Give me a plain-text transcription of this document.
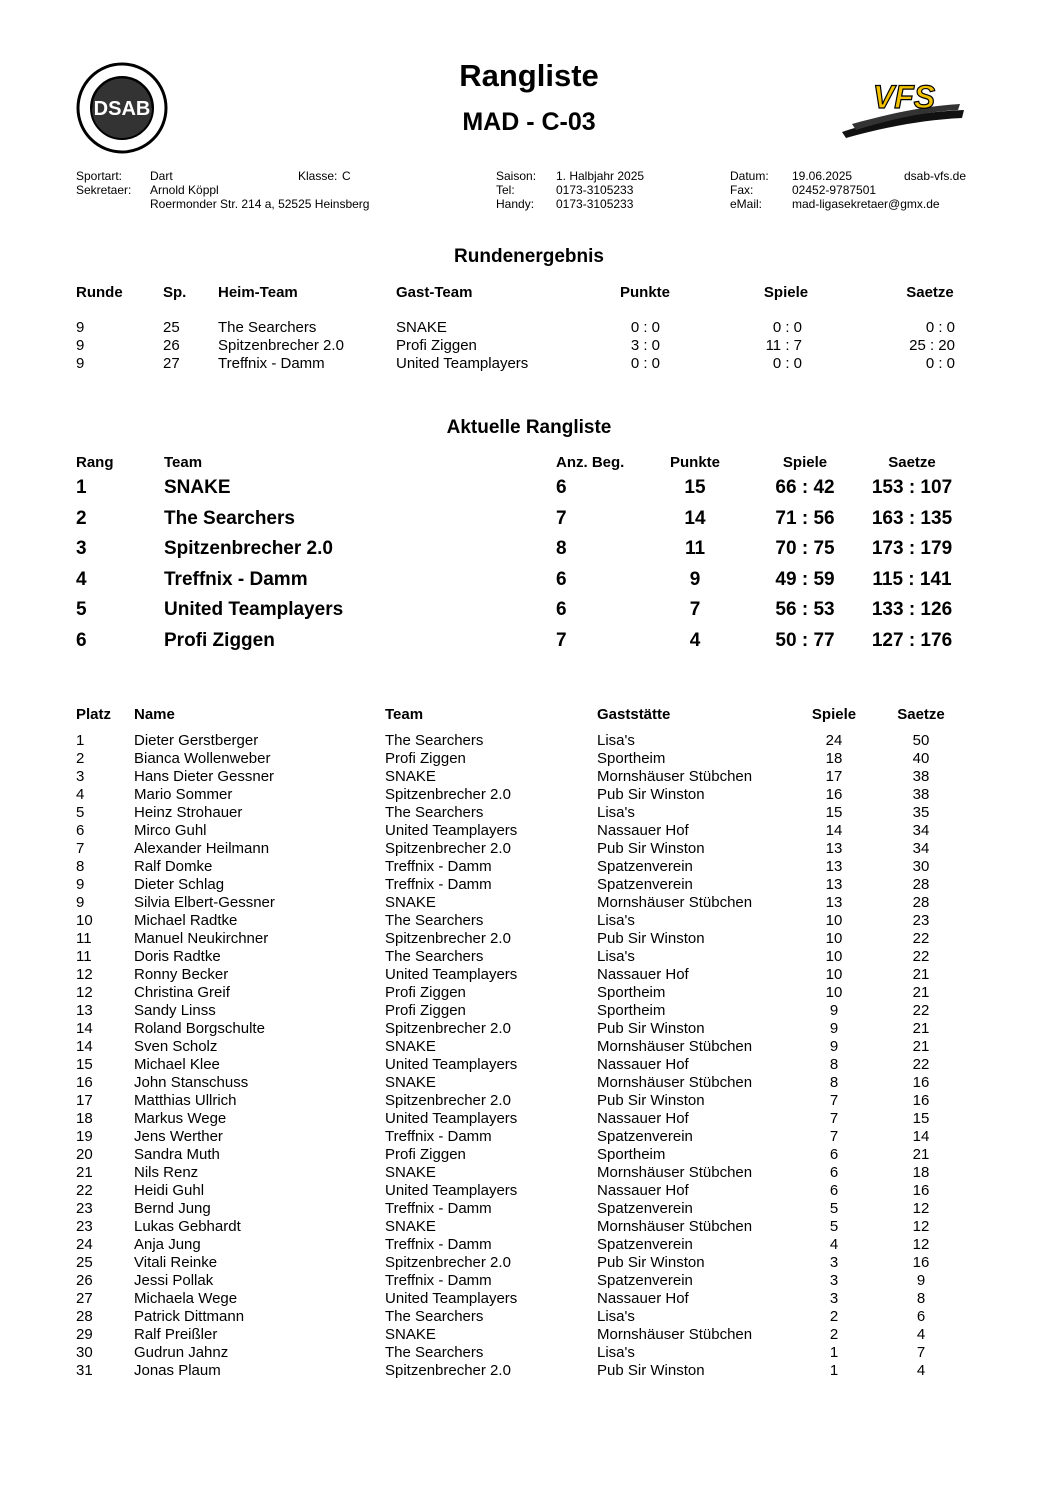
DSAB	VFS
Rangliste
MAD - C-03
Sportart: Dart	Klasse: C
Sekretaer: Arnold Köppl
Roermonder Str. 214 a, 52525 Heinsberg
Saison: 1. Halbjahr 2025
Tel:	0173-3105233
Handy: 0173-3105233
Datum: 19.06.2025	dsab-vfs.de
Fax:	02452-9787501
eMail: mad-ligasekretaer@gmx.de
Rundenergebnis
Runde	Sp. Heim-Team	Gast-Team	Punkte	Spiele	Saetze
9	25	The Searchers	SNAKE	0 : 0	0 : 0	0 : 0
9	26	Spitzenbrecher 2.0	Profi Ziggen	3 : 0	11 : 7	25 : 20
9	27	Treffnix - Damm	United Teamplayers	0 : 0	0 : 0	0 : 0
Aktuelle Rangliste
Rang	Team	Anz. Beg.	Punkte	Spiele	Saetze
1	SNAKE	6	15	66 : 42	153 : 107
2	The Searchers	7	14	71 : 56	163 : 135
3	Spitzenbrecher 2.0	8	11	70 : 75	173 : 179
4	Treffnix - Damm	6	9	49 : 59	115 : 141
5	United Teamplayers	6	7	56 : 53	133 : 126
6	Profi Ziggen	7	4	50 : 77	127 : 176
Platz Name	Team	Gaststätte	Spiele	Saetze
1	Dieter Gerstberger	The Searchers	Lisa's	24	50
2	Bianca Wollenweber	Profi Ziggen	Sportheim	18	40
3	Hans Dieter Gessner	SNAKE	Mornshäuser Stübchen	17	38
4	Mario Sommer	Spitzenbrecher 2.0	Pub Sir Winston	16	38
5	Heinz Strohauer	The Searchers	Lisa's	15	35
6	Mirco Guhl	United Teamplayers	Nassauer Hof	14	34
7	Alexander Heilmann	Spitzenbrecher 2.0	Pub Sir Winston	13	34
8	Ralf Domke	Treffnix - Damm	Spatzenverein	13	30
9	Dieter Schlag	Treffnix - Damm	Spatzenverein	13	28
9	Silvia Elbert-Gessner	SNAKE	Mornshäuser Stübchen	13	28
10	Michael Radtke	The Searchers	Lisa's	10	23
11	Manuel Neukirchner	Spitzenbrecher 2.0	Pub Sir Winston	10	22
11	Doris Radtke	The Searchers	Lisa's	10	22
12	Ronny Becker	United Teamplayers	Nassauer Hof	10	21
12	Christina Greif	Profi Ziggen	Sportheim	10	21
13	Sandy Linss	Profi Ziggen	Sportheim	9	22
14	Roland Borgschulte	Spitzenbrecher 2.0	Pub Sir Winston	9	21
14	Sven Scholz	SNAKE	Mornshäuser Stübchen	9	21
15	Michael Klee	United Teamplayers	Nassauer Hof	8	22
16	John Stanschuss	SNAKE	Mornshäuser Stübchen	8	16
17	Matthias Ullrich	Spitzenbrecher 2.0	Pub Sir Winston	7	16
18	Markus Wege	United Teamplayers	Nassauer Hof	7	15
19	Jens Werther	Treffnix - Damm	Spatzenverein	7	14
20	Sandra Muth	Profi Ziggen	Sportheim	6	21
21	Nils Renz	SNAKE	Mornshäuser Stübchen	6	18
22	Heidi Guhl	United Teamplayers	Nassauer Hof	6	16
23	Bernd Jung	Treffnix - Damm	Spatzenverein	5	12
23	Lukas Gebhardt	SNAKE	Mornshäuser Stübchen	5	12
24	Anja Jung	Treffnix - Damm	Spatzenverein	4	12
25	Vitali Reinke	Spitzenbrecher 2.0	Pub Sir Winston	3	16
26	Jessi Pollak	Treffnix - Damm	Spatzenverein	3	9
27	Michaela Wege	United Teamplayers	Nassauer Hof	3	8
28	Patrick Dittmann	The Searchers	Lisa's	2	6
29	Ralf Preißler	SNAKE	Mornshäuser Stübchen	2	4
30	Gudrun Jahnz	The Searchers	Lisa's	1	7
31	Jonas Plaum	Spitzenbrecher 2.0	Pub Sir Winston	1	4
